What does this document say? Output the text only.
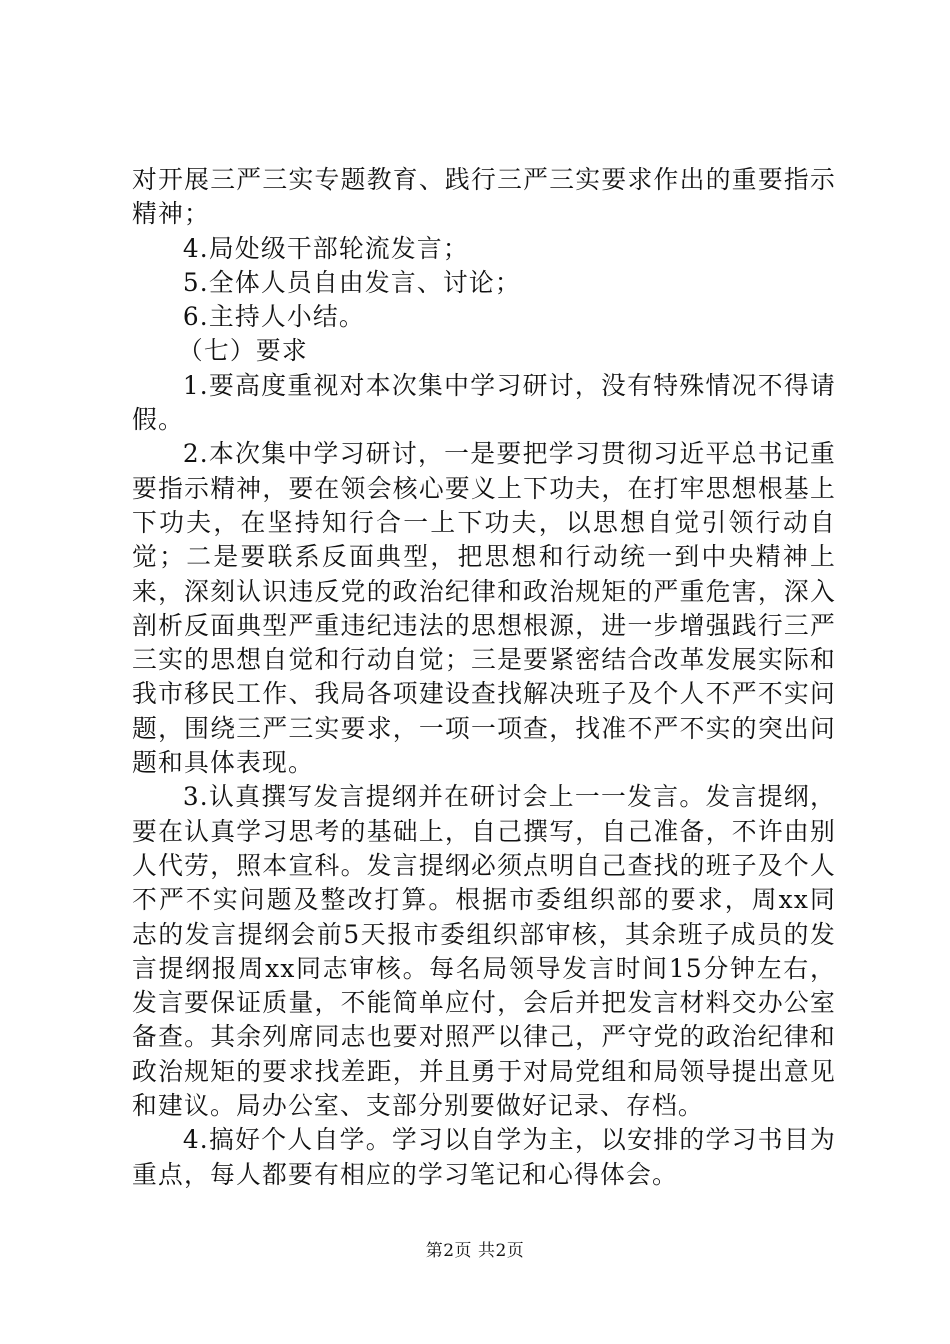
对开展三严三实专题教育、践行三严三实要求作出的重要指示精神；

4.局处级干部轮流发言；

5.全体人员自由发言、讨论；

6.主持人小结。

（七）要求

1.要高度重视对本次集中学习研讨，没有特殊情况不得请假。

2.本次集中学习研讨，一是要把学习贯彻习近平总书记重要指示精神，要在领会核心要义上下功夫，在打牢思想根基上下功夫，在坚持知行合一上下功夫，以思想自觉引领行动自觉；二是要联系反面典型，把思想和行动统一到中央精神上来，深刻认识违反党的政治纪律和政治规矩的严重危害，深入剖析反面典型严重违纪违法的思想根源，进一步增强践行三严三实的思想自觉和行动自觉；三是要紧密结合改革发展实际和我市移民工作、我局各项建设查找解决班子及个人不严不实问题，围绕三严三实要求，一项一项查，找准不严不实的突出问题和具体表现。

3.认真撰写发言提纲并在研讨会上一一发言。发言提纲，要在认真学习思考的基础上，自己撰写，自己准备，不许由别人代劳，照本宣科。发言提纲必须点明自己查找的班子及个人不严不实问题及整改打算。根据市委组织部的要求，周xx同志的发言提纲会前5天报市委组织部审核，其余班子成员的发言提纲报周xx同志审核。每名局领导发言时间15分钟左右，发言要保证质量，不能简单应付，会后并把发言材料交办公室备查。其余列席同志也要对照严以律己，严守党的政治纪律和政治规矩的要求找差距，并且勇于对局党组和局领导提出意见和建议。局办公室、支部分别要做好记录、存档。

4.搞好个人自学。学习以自学为主，以安排的学习书目为重点，每人都要有相应的学习笔记和心得体会。

第2页 共2页
